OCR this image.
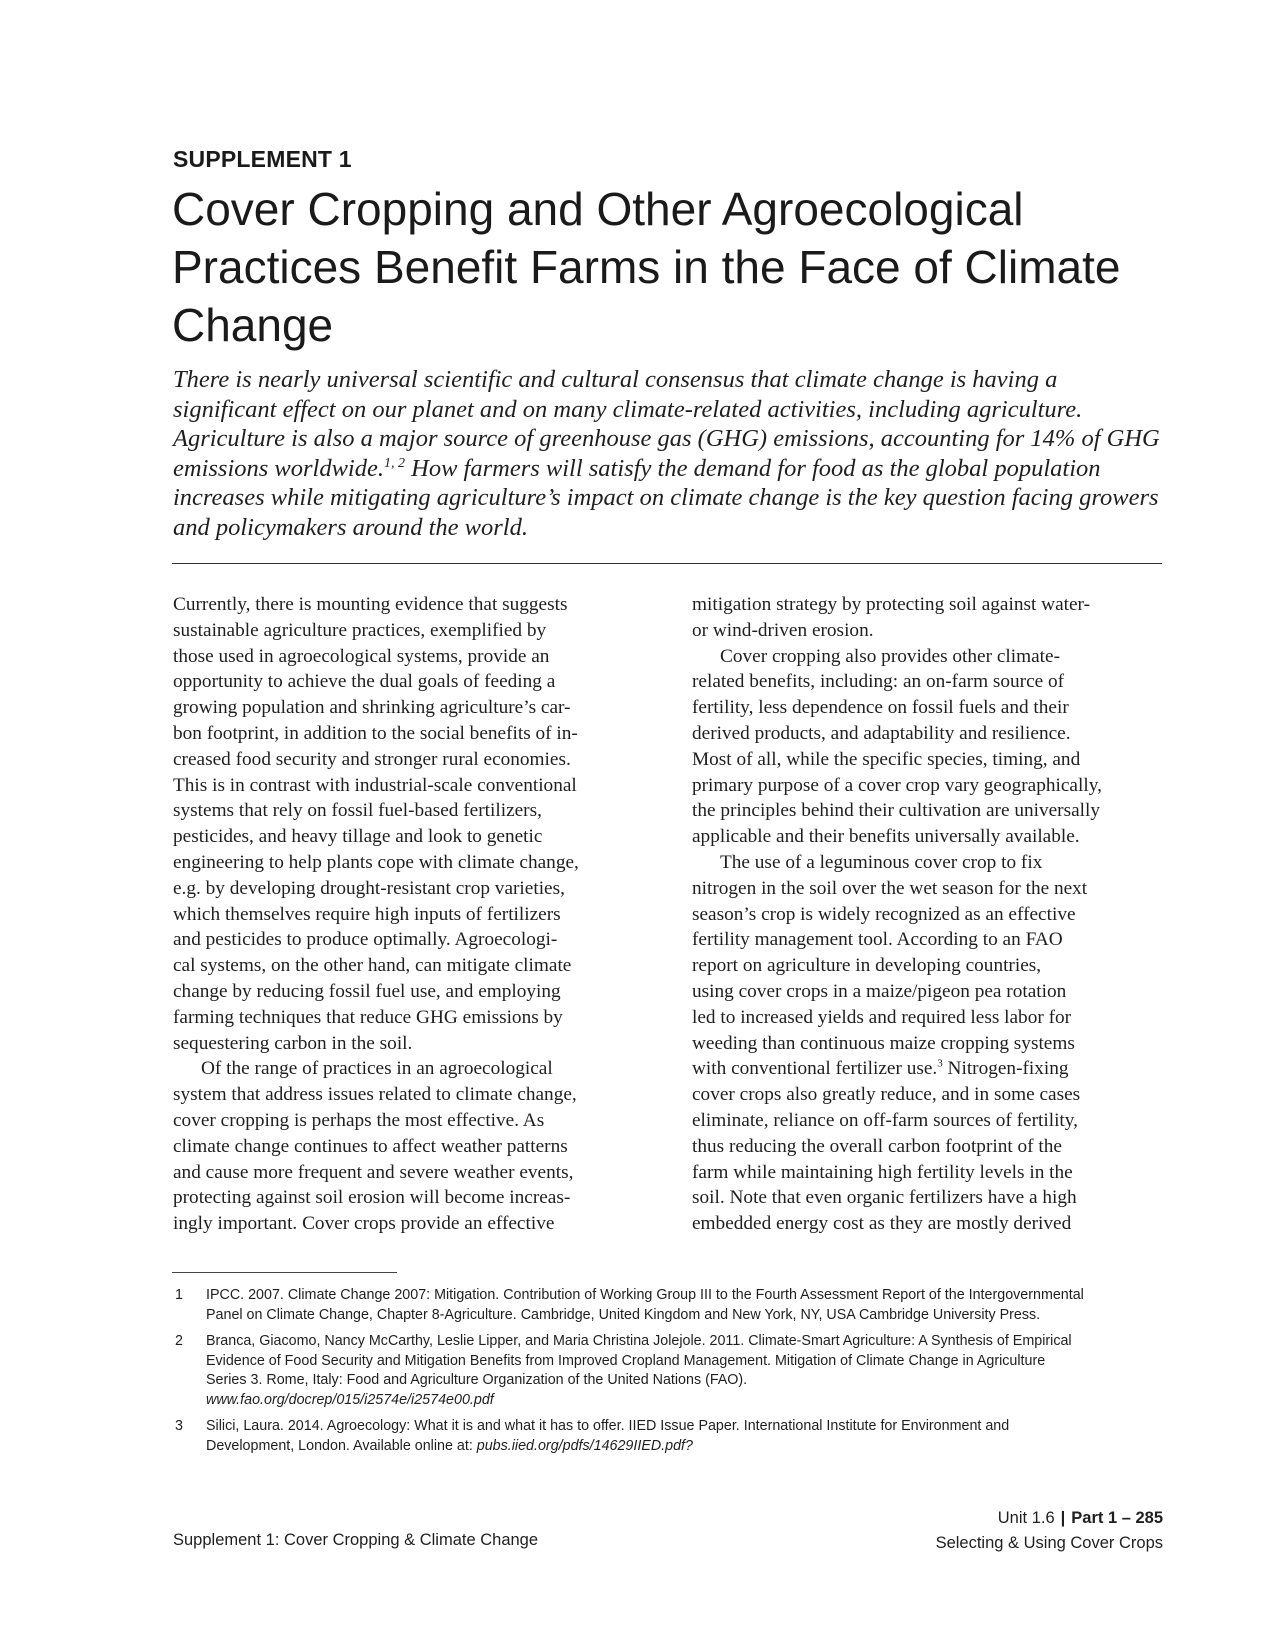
SUPPLEMENT 1
Cover Cropping and Other Agroecological Practices Benefit Farms in the Face of Climate Change

There is nearly universal scientific and cultural consensus that climate change is having a significant effect on our planet and on many climate-related activities, including agriculture. Agriculture is also a major source of greenhouse gas (GHG) emissions, accounting for 14% of GHG emissions worldwide.$^{1, 2}$ How farmers will satisfy the demand for food as the global population increases while mitigating agriculture’s impact on climate change is the key question facing growers and policymakers around the world.

Currently, there is mounting evidence that suggests
sustainable agriculture practices, exemplified by
those used in agroecological systems, provide an
opportunity to achieve the dual goals of feeding a
growing population and shrinking agriculture’s car-
bon footprint, in addition to the social benefits of in-
creased food security and stronger rural economies.
This is in contrast with industrial-scale conventional
systems that rely on fossil fuel-based fertilizers,
pesticides, and heavy tillage and look to genetic
engineering to help plants cope with climate change,
e.g. by developing drought-resistant crop varieties,
which themselves require high inputs of fertilizers
and pesticides to produce optimally. Agroecologi-
cal systems, on the other hand, can mitigate climate
change by reducing fossil fuel use, and employing
farming techniques that reduce GHG emissions by
sequestering carbon in the soil.

Of the range of practices in an agroecological
system that address issues related to climate change,
cover cropping is perhaps the most effective. As
climate change continues to affect weather patterns
and cause more frequent and severe weather events,
protecting against soil erosion will become increas-
ingly important. Cover crops provide an effective

mitigation strategy by protecting soil against water-
or wind-driven erosion.

Cover cropping also provides other climate-
related benefits, including: an on-farm source of
fertility, less dependence on fossil fuels and their
derived products, and adaptability and resilience.
Most of all, while the specific species, timing, and
primary purpose of a cover crop vary geographically,
the principles behind their cultivation are universally
applicable and their benefits universally available.

The use of a leguminous cover crop to fix
nitrogen in the soil over the wet season for the next
season’s crop is widely recognized as an effective
fertility management tool. According to an FAO
report on agriculture in developing countries,
using cover crops in a maize/pigeon pea rotation
led to increased yields and required less labor for
weeding than continuous maize cropping systems
with conventional fertilizer use.$^3$ Nitrogen-fixing
cover crops also greatly reduce, and in some cases
eliminate, reliance on off-farm sources of fertility,
thus reducing the overall carbon footprint of the
farm while maintaining high fertility levels in the
soil. Note that even organic fertilizers have a high
embedded energy cost as they are mostly derived

1 IPCC. 2007. Climate Change 2007: Mitigation. Contribution of Working Group III to the Fourth Assessment Report of the Intergovernmental
Panel on Climate Change, Chapter 8-Agriculture. Cambridge, United Kingdom and New York, NY, USA Cambridge University Press.
2 Branca, Giacomo, Nancy McCarthy, Leslie Lipper, and Maria Christina Jolejole. 2011. Climate-Smart Agriculture: A Synthesis of Empirical
Evidence of Food Security and Mitigation Benefits from Improved Cropland Management. Mitigation of Climate Change in Agriculture
Series 3. Rome, Italy: Food and Agriculture Organization of the United Nations (FAO).
www.fao.org/docrep/015/i2574e/i2574e00.pdf
3 Silici, Laura. 2014. Agroecology: What it is and what it has to offer. IIED Issue Paper. International Institute for Environment and
Development, London. Available online at: pubs.iied.org/pdfs/14629IIED.pdf?
Supplement 1: Cover Cropping & Climate Change
Unit 1.6 | Part 1 – 285
Selecting & Using Cover Crops
